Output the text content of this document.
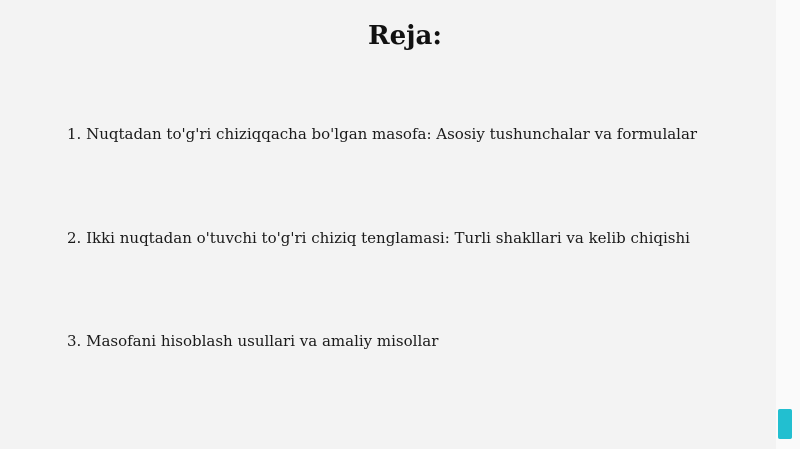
Reja:
1. Nuqtadan to'g'ri chiziqqacha bo'lgan masofa: Asosiy tushunchalar va formulalar
2. Ikki nuqtadan o'tuvchi to'g'ri chiziq tenglamasi: Turli shakllari va kelib chiqishi
3. Masofani hisoblash usullari va amaliy misollar
